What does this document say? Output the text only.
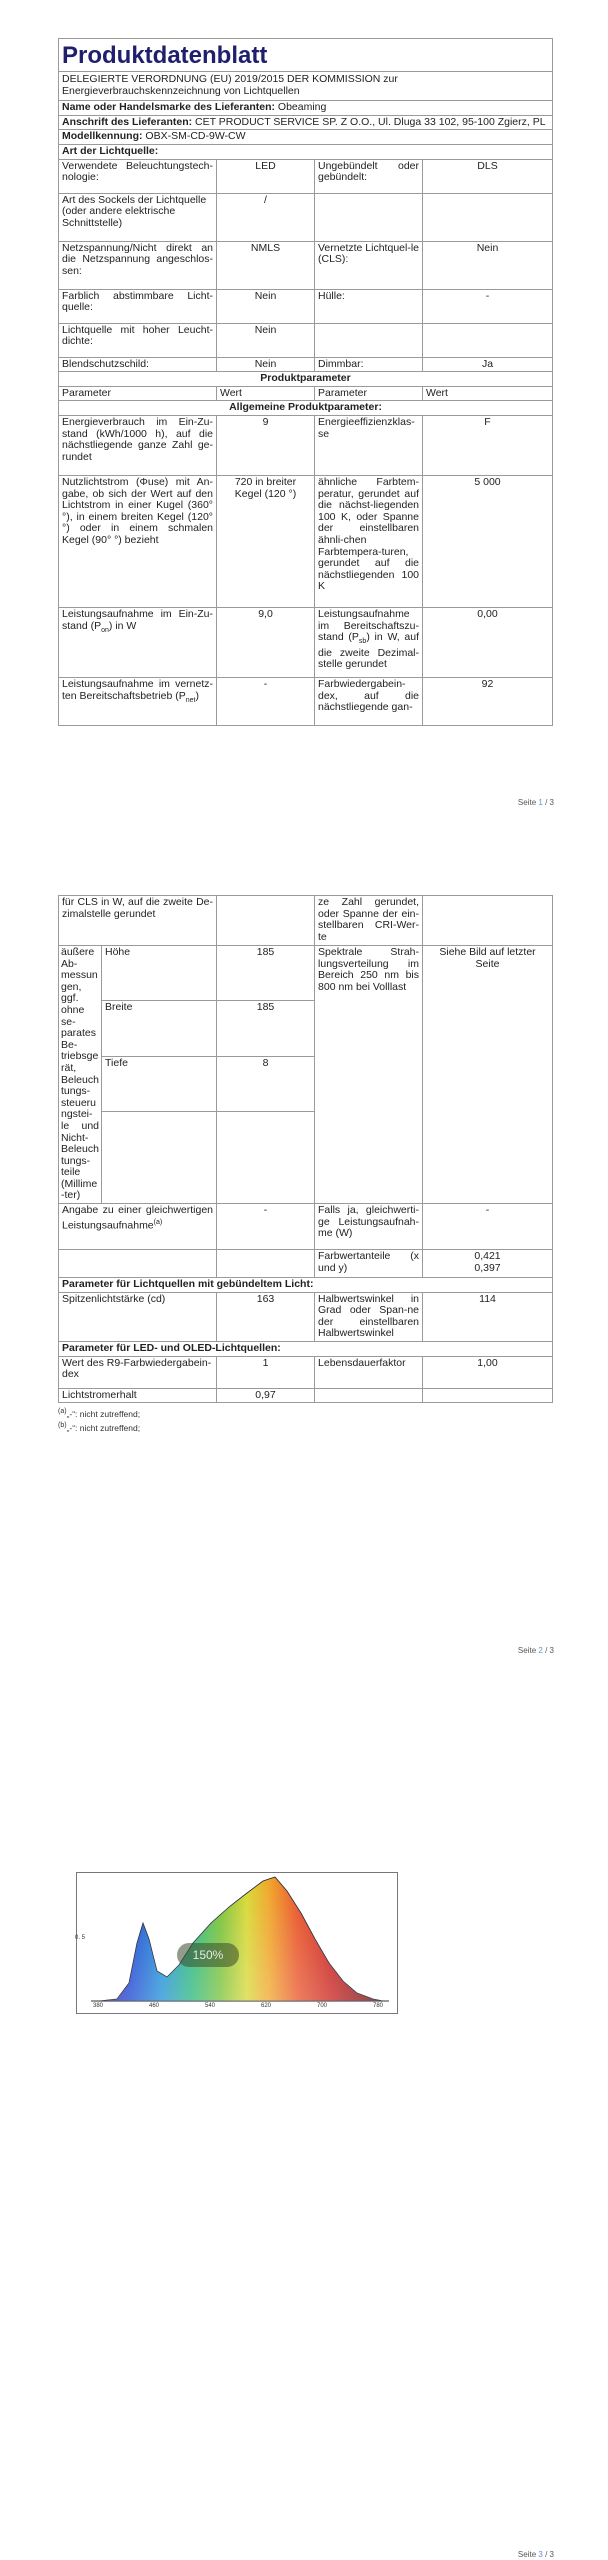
Produktdatenblatt			
DELEGIERTE VERORDNUNG (EU) 2019/2015 DER KOMMISSION zur Energieverbrauchskennzeichnung von Lichtquellen			
Name oder Handelsmarke des Lieferanten: Obeaming			
Anschrift des Lieferanten: CET PRODUCT SERVICE SP. Z O.O., Ul. Dluga 33 102, 95-100 Zgierz, PL			
Modellkennung: OBX-SM-CD-9W-CW			
Art der Lichtquelle:			
Verwendete Beleuchtungstech-nologie:	LED	Ungebündelt oder gebündelt:	DLS
Art des Sockels der Lichtquelle (oder andere elektrische Schnittstelle)	/		
Netzspannung/Nicht direkt an die Netzspannung angeschlos-sen:	NMLS	Vernetzte Lichtquel-le (CLS):	Nein
Farblich abstimmbare Licht-quelle:	Nein	Hülle:	-
Lichtquelle mit hoher Leucht-dichte:	Nein		
Blendschutzschild:	Nein	Dimmbar:	Ja
Produktparameter			
Parameter	Wert	Parameter	Wert
Allgemeine Produktparameter:			
Energieverbrauch im Ein-Zu-stand (kWh/1000 h), auf die nächstliegende ganze Zahl ge-rundet	9	Energieeffizienzklas-se	F
Nutzlichtstrom (Φuse) mit An-gabe, ob sich der Wert auf den Lichtstrom in einer Kugel (360° °), in einem breiten Kegel (120° °) oder in einem schmalen Kegel (90° °) bezieht	720 in breiter Kegel (120 °)	ähnliche Farbtem-peratur, gerundet auf die nächst-liegenden 100 K, oder Spanne der einstellbaren ähnli-chen Farbtempera-turen, gerundet auf die nächstliegenden 100 K	5 000
Leistungsaufnahme im Ein-Zu-stand $(P_{on})$ in W	9,0	Leistungsaufnahme im Bereitschaftszu-stand $(P_{sb})$ in W, auf die zweite Dezimal-stelle gerundet	0,00
Leistungsaufnahme im vernetz-ten Bereitschaftsbetrieb $(P_{net})$	-	Farbwiedergabein-dex, auf die nächstliegende gan-	92
Seite 1 / 3
für CLS in W, auf die zweite De-zimalstelle gerundet			ze Zahl gerundet, oder Spanne der ein-stellbaren CRI-Wer-te	
äußere Ab-messungen, ggf. ohne se-parates Be-triebsgerät, Beleuchtungs-steuerungstei-le und Nicht-Beleuchtungs-teile (Millime-ter)	Höhe	185	Spektrale Strah-lungsverteilung im Bereich 250 nm bis 800 nm bei Volllast	Siehe Bild auf letzter Seite
	Breite	185		
	Tiefe	8		

Angabe zu einer gleichwertigen Leistungsaufnahme$^{(a)}$		-	Falls ja, gleichwerti-ge Leistungsaufnah-me (W)	-
			Farbwertanteile (x und y)	0,421
0,397

Parameter für Lichtquellen mit gebündeltem Licht:				
Spitzenlichtstärke (cd)		163	Halbwertswinkel in Grad oder Span-ne der einstellbaren Halbwertswinkel	114
Parameter für LED- und OLED-Lichtquellen:				
Wert des R9-Farbwiedergabein-dex		1	Lebensdauerfaktor	1,00
Lichtstromerhalt		0,97		
$^{(a)}$„-“: nicht zutreffend;
$^{(b)}$„-“: nicht zutreffend;
Seite 2 / 3
150%
0. 5
380	460	540	620	700	780
Seite 3 / 3
